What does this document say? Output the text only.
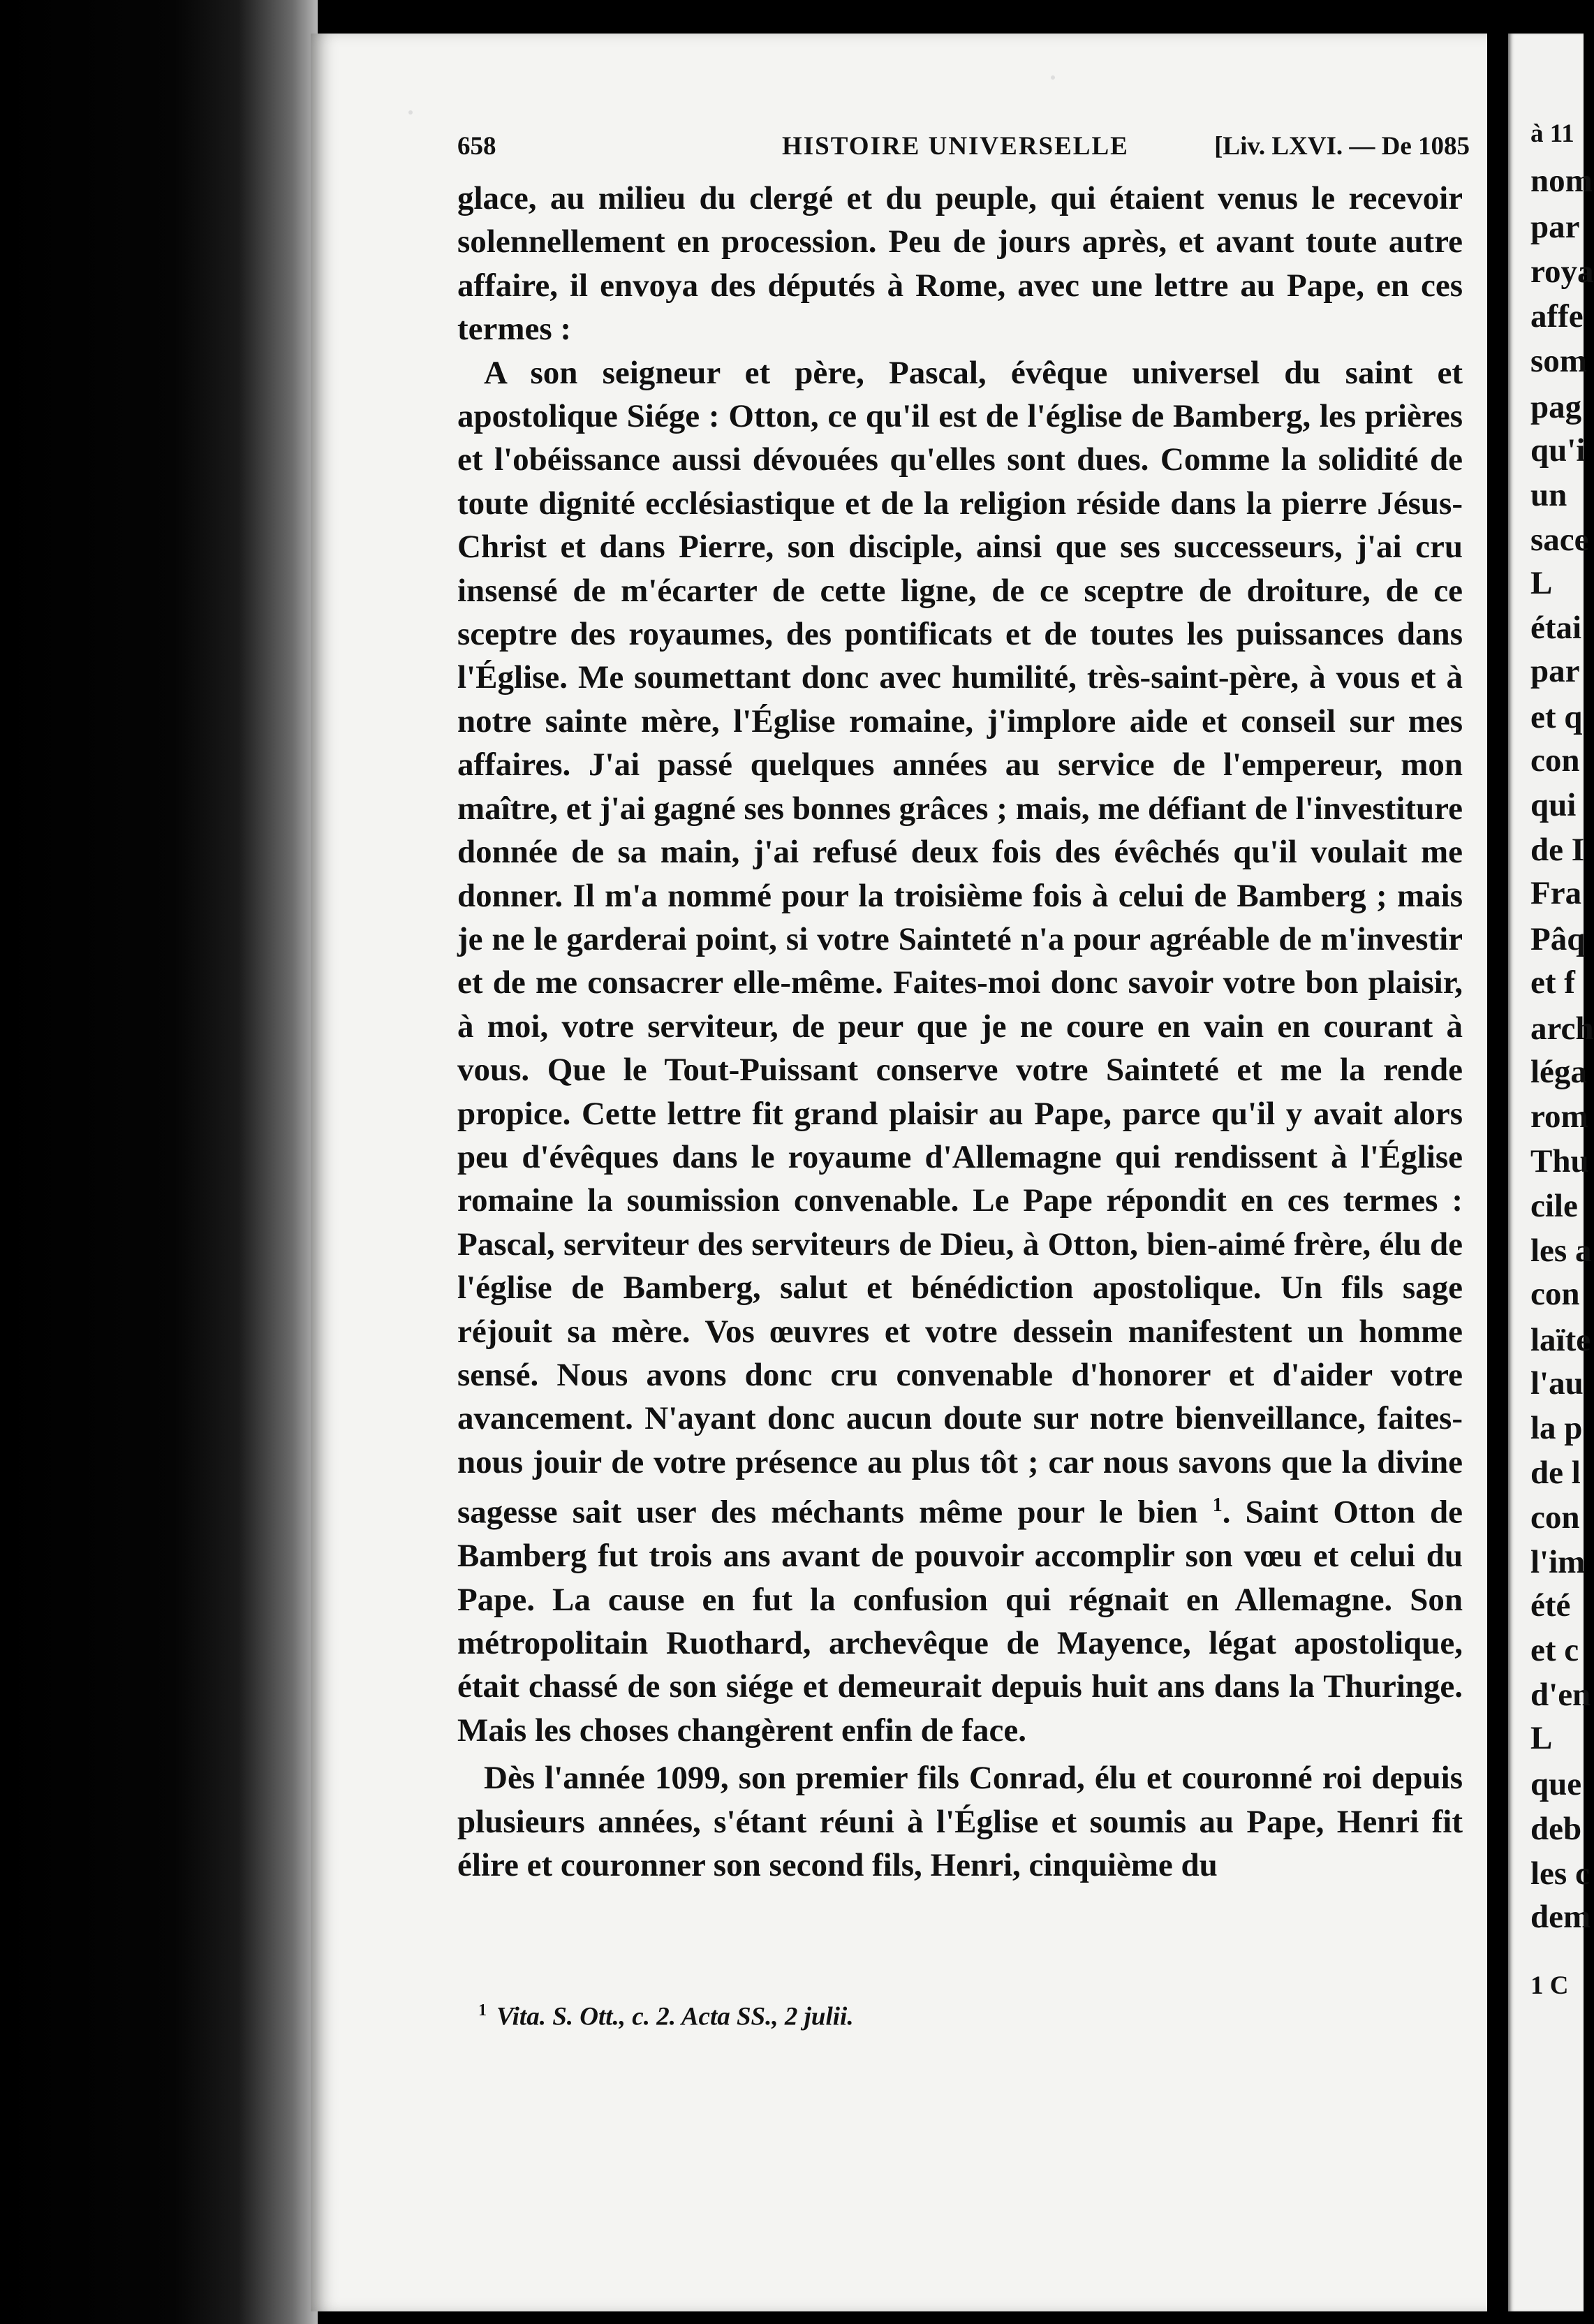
658	HISTOIRE UNIVERSELLE	[Liv. LXVI. — De 1085

glace, au milieu du clergé et du peuple, qui étaient venus le recevoir solennellement en procession. Peu de jours après, et avant toute autre affaire, il envoya des députés à Rome, avec une lettre au Pape, en ces termes :

A son seigneur et père, Pascal, évêque universel du saint et apostolique Siége : Otton, ce qu'il est de l'église de Bamberg, les prières et l'obéissance aussi dévouées qu'elles sont dues. Comme la solidité de toute dignité ecclésiastique et de la religion réside dans la pierre Jésus-Christ et dans Pierre, son disciple, ainsi que ses successeurs, j'ai cru insensé de m'écarter de cette ligne, de ce sceptre de droiture, de ce sceptre des royaumes, des pontificats et de toutes les puissances dans l'Église. Me soumettant donc avec humilité, très-saint-père, à vous et à notre sainte mère, l'Église romaine, j'implore aide et conseil sur mes affaires. J'ai passé quelques années au service de l'empereur, mon maître, et j'ai gagné ses bonnes grâces ; mais, me défiant de l'investiture donnée de sa main, j'ai refusé deux fois des évêchés qu'il voulait me donner. Il m'a nommé pour la troisième fois à celui de Bamberg ; mais je ne le garderai point, si votre Sainteté n'a pour agréable de m'investir et de me consacrer elle-même. Faites-moi donc savoir votre bon plaisir, à moi, votre serviteur, de peur que je ne coure en vain en courant à vous. Que le Tout-Puissant conserve votre Sainteté et me la rende propice. Cette lettre fit grand plaisir au Pape, parce qu'il y avait alors peu d'évêques dans le royaume d'Allemagne qui rendissent à l'Église romaine la soumission convenable. Le Pape répondit en ces termes : Pascal, serviteur des serviteurs de Dieu, à Otton, bien-aimé frère, élu de l'église de Bamberg, salut et bénédiction apostolique. Un fils sage réjouit sa mère. Vos œuvres et votre dessein manifestent un homme sensé. Nous avons donc cru convenable d'honorer et d'aider votre avancement. N'ayant donc aucun doute sur notre bienveillance, faites-nous jouir de votre présence au plus tôt ; car nous savons que la divine sagesse sait user des méchants même pour le bien $^1$. Saint Otton de Bamberg fut trois ans avant de pouvoir accomplir son vœu et celui du Pape. La cause en fut la confusion qui régnait en Allemagne. Son métropolitain Ruothard, archevêque de Mayence, légat apostolique, était chassé de son siége et demeurait depuis huit ans dans la Thuringe. Mais les choses changèrent enfin de face.

Dès l'année 1099, son premier fils Conrad, élu et couronné roi depuis plusieurs années, s'étant réuni à l'Église et soumis au Pape, Henri fit élire et couronner son second fils, Henri, cinquième du

$^1$ Vita. S. Ott., c. 2. Acta SS., 2 julii.
à 11
nom
par
roya
affe
som
pag
qu'i
un
sace
L
étai
par
et q
con
qui
de I
Fra
Pâq
et f
arch
léga
rom
Thu
cile
les a
con
laïte
l'au
la p
de l
con
l'im
été
et c
d'en
L
que
deb
les c
dem
1 C
